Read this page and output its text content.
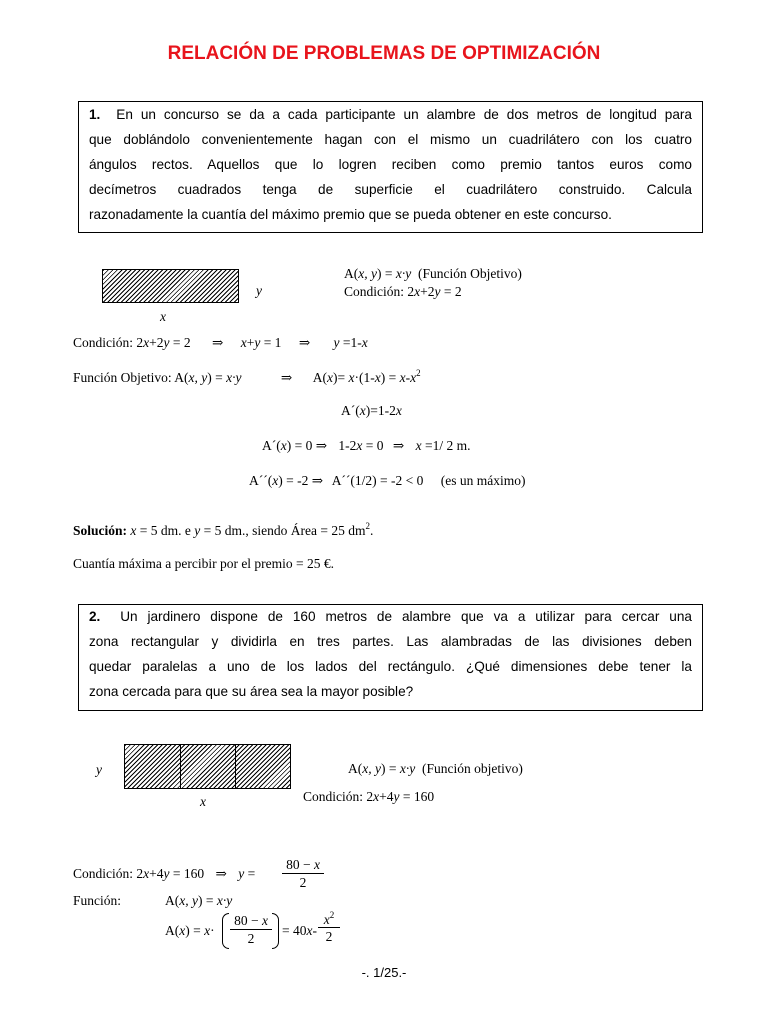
RELACIÓN DE PROBLEMAS DE OPTIMIZACIÓN
1. En un concurso se da a cada participante un alambre de dos metros de longitud para
que doblándolo convenientemente hagan con el mismo un cuadrilátero con los cuatro
ángulos rectos. Aquellos que lo logren reciben como premio tantos euros como
decímetros cuadrados tenga de superficie el cuadrilátero construido. Calcula
razonadamente la cuantía del máximo premio que se pueda obtener en este concurso.
y
x
A(x, y) = x·y (Función Objetivo)
Condición: 2x+2y = 2
Condición: 2x+2y = 2 ⇒ x+y = 1 ⇒ y =1-x
Función Objetivo: A(x, y) = x·y	⇒ $A(x)= x\cdot(1-x) = x-x^2$
A´(x)=1-2x
A´(x) = 0 ⇒ 1-2x = 0 ⇒ x =1/ 2 m.
A´´(x) = -2 ⇒ A´´(1/2) = -2 < 0 (es un máximo)
Solución: x = 5 dm. e y = 5 dm., siendo Área = 25 $dm^2$.
Cuantía máxima a percibir por el premio = 25 €.
2. Un jardinero dispone de 160 metros de alambre que va a utilizar para cercar una
zona rectangular y dividirla en tres partes. Las alambradas de las divisiones deben
quedar paralelas a uno de los lados del rectángulo. ¿Qué dimensiones debe tener la
zona cercada para que su área sea la mayor posible?
y
x
A(x, y) = x·y (Función objetivo)
Condición: 2x+4y = 160
Condición: 2x+4y = 160 ⇒ y =
80 − x
2
Función:	A(x, y) = x·y
A(x) = x·
80 − x
2
= 40x-
$x^2$
2
-. 1/25.-
